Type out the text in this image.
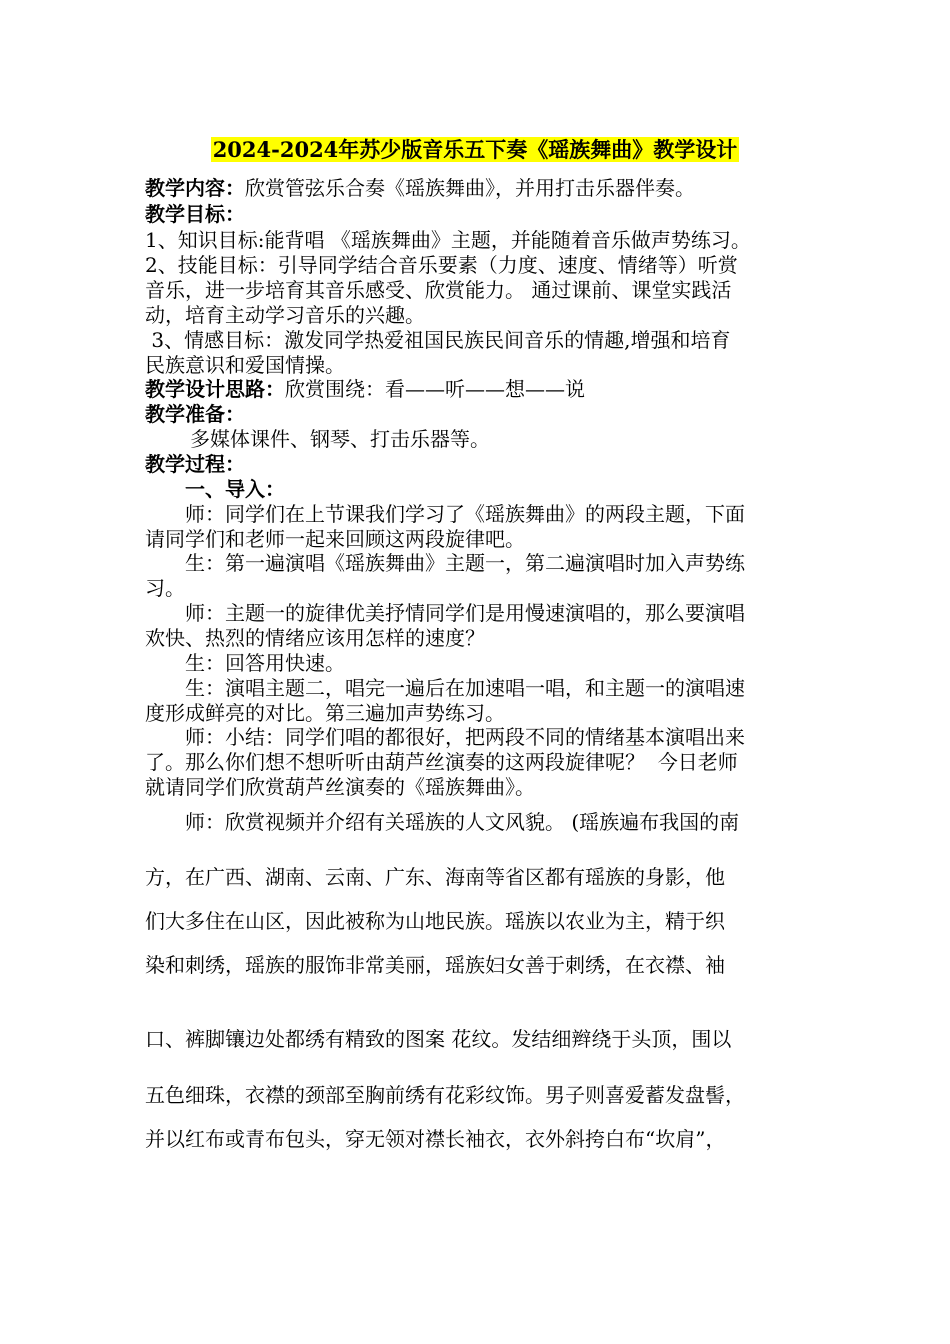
2024-2024年苏少版音乐五下奏《瑶族舞曲》教学设计
教学内容：欣赏管弦乐合奏《瑶族舞曲》，并用打击乐器伴奏。
教学目标：
1、知识目标:能背唱 《瑶族舞曲》主题，并能随着音乐做声势练习。
2、技能目标：引导同学结合音乐要素（力度、速度、情绪等）听赏
音乐，进一步培育其音乐感受、欣赏能力。 通过课前、课堂实践活
动，培育主动学习音乐的兴趣。
3、情感目标：激发同学热爱祖国民族民间音乐的情趣,增强和培育
民族意识和爱国情操。
教学设计思路：欣赏围绕：看——听——想——说
教学准备：
多媒体课件、钢琴、打击乐器等。
教学过程：
一、导入：
师：同学们在上节课我们学习了《瑶族舞曲》的两段主题，下面
请同学们和老师一起来回顾这两段旋律吧。
生：第一遍演唱《瑶族舞曲》主题一，第二遍演唱时加入声势练
习。
师：主题一的旋律优美抒情同学们是用慢速演唱的，那么要演唱
欢快、热烈的情绪应该用怎样的速度？
生：回答用快速。
生：演唱主题二，唱完一遍后在加速唱一唱，和主题一的演唱速
度形成鲜亮的对比。第三遍加声势练习。
师：小结：同学们唱的都很好，把两段不同的情绪基本演唱出来
了。那么你们想不想听听由葫芦丝演奏的这两段旋律呢？  今日老师
就请同学们欣赏葫芦丝演奏的《瑶族舞曲》。
师：欣赏视频并介绍有关瑶族的人文风貌。 (瑶族遍布我国的南
方，在广西、湖南、云南、广东、海南等省区都有瑶族的身影，他
们大多住在山区，因此被称为山地民族。瑶族以农业为主，精于织
染和刺绣，瑶族的服饰非常美丽，瑶族妇女善于刺绣，在衣襟、袖
口、裤脚镶边处都绣有精致的图案 花纹。发结细辫绕于头顶，围以
五色细珠，衣襟的颈部至胸前绣有花彩纹饰。男子则喜爱蓄发盘髻，
并以红布或青布包头，穿无领对襟长袖衣，衣外斜挎白布“坎肩”，
